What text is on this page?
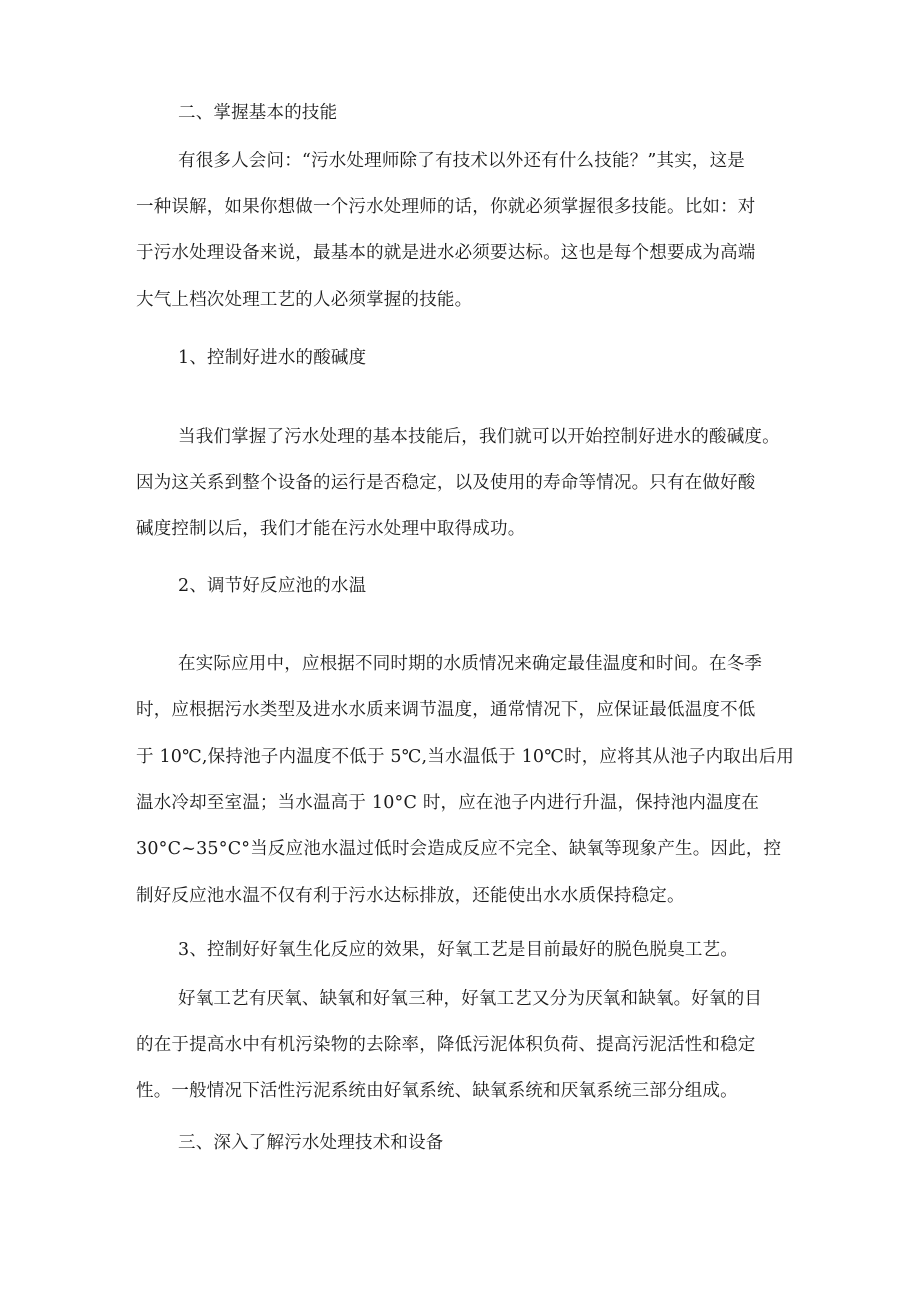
二、掌握基本的技能
有很多人会问：“污水处理师除了有技术以外还有什么技能？”其实，这是
一种误解，如果你想做一个污水处理师的话，你就必须掌握很多技能。比如：对
于污水处理设备来说，最基本的就是进水必须要达标。这也是每个想要成为高端
大气上档次处理工艺的人必须掌握的技能。
1、控制好进水的酸碱度
当我们掌握了污水处理的基本技能后，我们就可以开始控制好进水的酸碱度。
因为这关系到整个设备的运行是否稳定，以及使用的寿命等情况。只有在做好酸
碱度控制以后，我们才能在污水处理中取得成功。
2、调节好反应池的水温
在实际应用中，应根据不同时期的水质情况来确定最佳温度和时间。在冬季
时，应根据污水类型及进水水质来调节温度，通常情况下，应保证最低温度不低
于 10℃,保持池子内温度不低于 5℃,当水温低于 10℃时，应将其从池子内取出后用
温水冷却至室温；当水温高于 10°C 时，应在池子内进行升温，保持池内温度在
30°C~35°C°当反应池水温过低时会造成反应不完全、缺氧等现象产生。因此，控
制好反应池水温不仅有利于污水达标排放，还能使出水水质保持稳定。
3、控制好好氧生化反应的效果，好氧工艺是目前最好的脱色脱臭工艺。
好氧工艺有厌氧、缺氧和好氧三种，好氧工艺又分为厌氧和缺氧。好氧的目
的在于提高水中有机污染物的去除率，降低污泥体积负荷、提高污泥活性和稳定
性。一般情况下活性污泥系统由好氧系统、缺氧系统和厌氧系统三部分组成。
三、深入了解污水处理技术和设备
